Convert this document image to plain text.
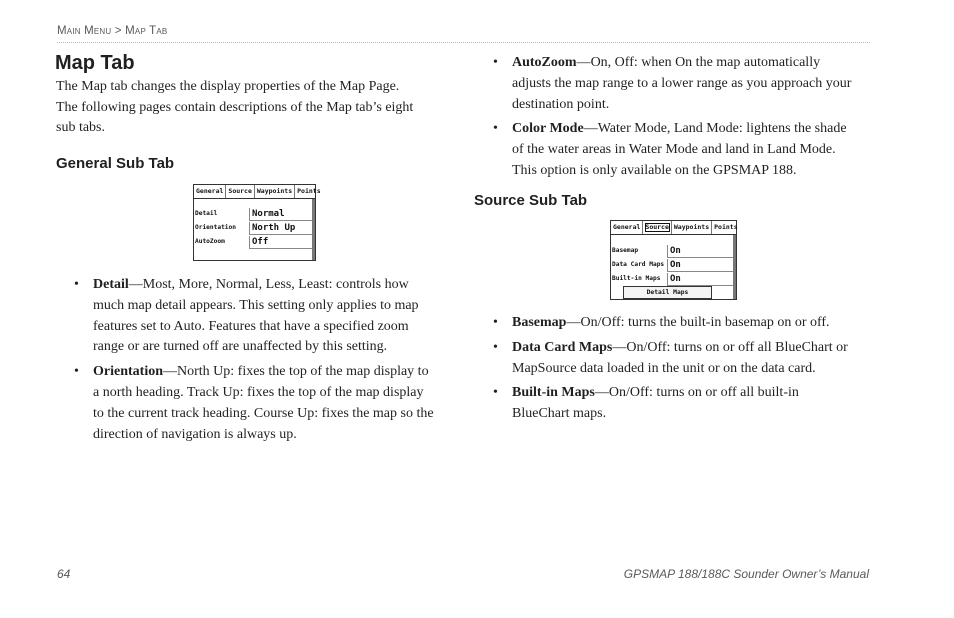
Main Menu > Map Tab
Map Tab
The Map tab changes the display properties of the Map Page.
The following pages contain descriptions of the Map tab’s eight
sub tabs.
General Sub Tab
General Source Waypoints Points
Detail	Normal
Orientation	North Up
AutoZoom	Off
• Detail—Most, More, Normal, Less, Least: controls how
much map detail appears. This setting only applies to map
features set to Auto. Features that have a specified zoom
range or are turned off are unaffected by this setting.
• Orientation—North Up: fixes the top of the map display to
a north heading. Track Up: fixes the top of the map display
to the current track heading. Course Up: fixes the map so the
direction of navigation is always up.
• AutoZoom—On, Off: when On the map automatically
adjusts the map range to a lower range as you approach your
destination point.
• Color Mode—Water Mode, Land Mode: lightens the shade
of the water areas in Water Mode and land in Land Mode.
This option is only available on the GPSMAP 188.
Source Sub Tab
General Source Waypoints Points
Basemap	On
Data Card Maps On
Built-in Maps	On
Detail Maps
• Basemap—On/Off: turns the built-in basemap on or off.
• Data Card Maps—On/Off: turns on or off all BlueChart or
MapSource data loaded in the unit or on the data card.
• Built-in Maps—On/Off: turns on or off all built-in
BlueChart maps.
64	GPSMAP 188/188C Sounder Owner’s Manual
